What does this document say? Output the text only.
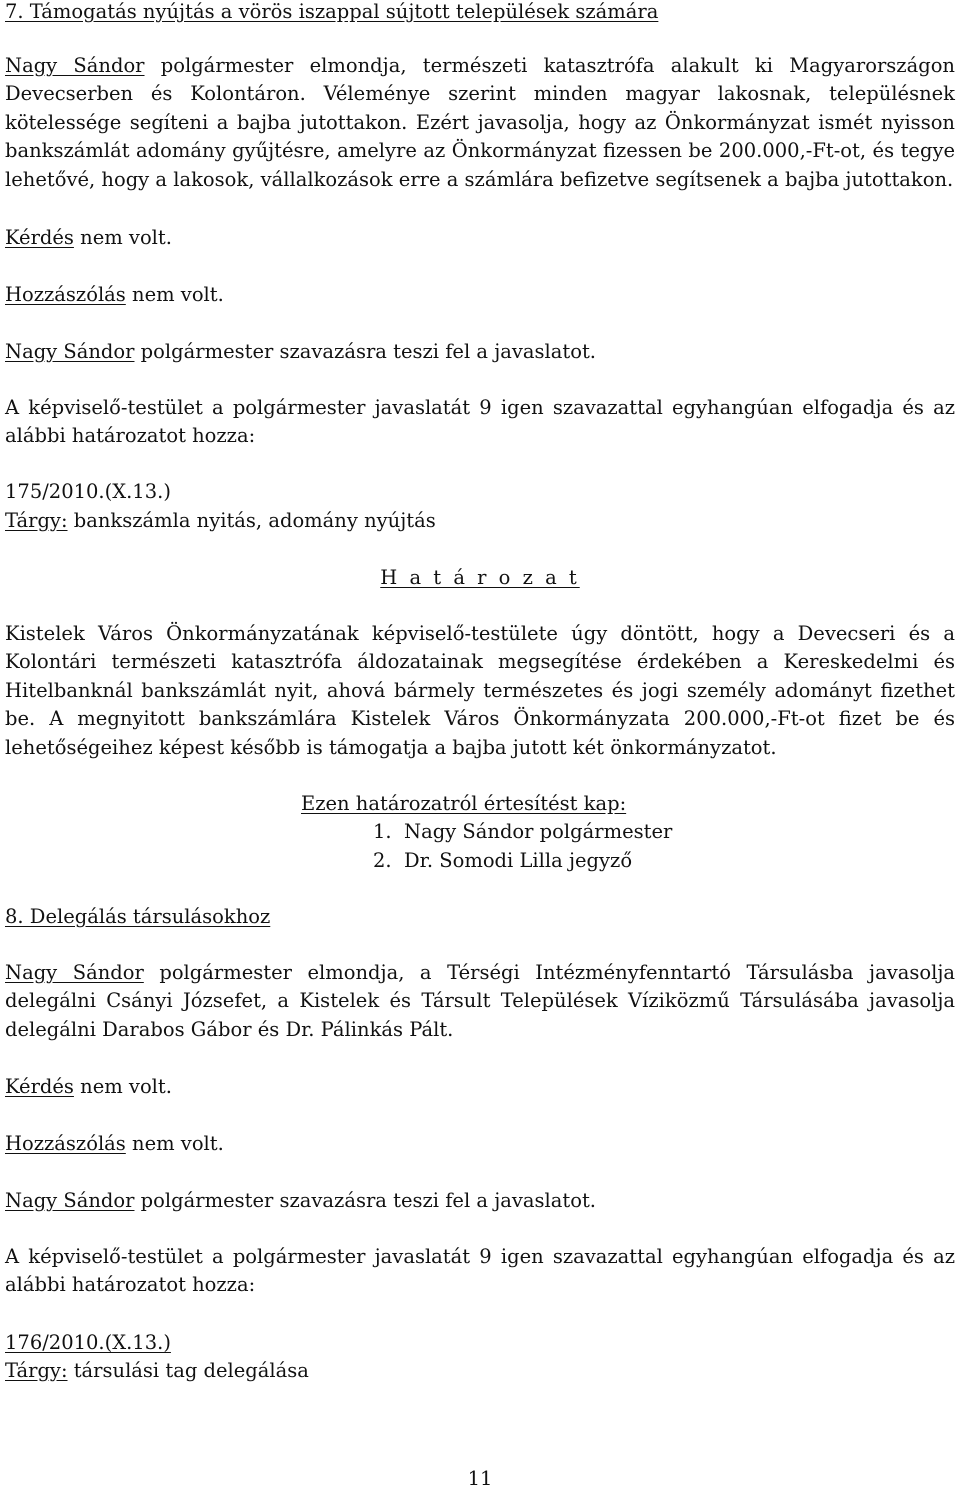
7. Támogatás nyújtás a vörös iszappal sújtott települések számára
Nagy Sándor polgármester elmondja, természeti katasztrófa alakult ki Magyarországon Devecserben és Kolontáron. Véleménye szerint minden magyar lakosnak, településnek kötelessége segíteni a bajba jutottakon. Ezért javasolja, hogy az Önkormányzat ismét nyisson bankszámlát adomány gyűjtésre, amelyre az Önkormányzat fizessen be 200.000,-Ft-ot, és tegye lehetővé, hogy a lakosok, vállalkozások erre a számlára befizetve segítsenek a bajba jutottakon.
Kérdés nem volt.
Hozzászólás nem volt.
Nagy Sándor polgármester szavazásra teszi fel a javaslatot.
A képviselő-testület a polgármester javaslatát 9 igen szavazattal egyhangúan elfogadja és az alábbi határozatot hozza:
175/2010.(X.13.)
Tárgy: bankszámla nyitás, adomány nyújtás
H a t á r o z a t
Kistelek Város Önkormányzatának képviselő-testülete úgy döntött, hogy a Devecseri és a Kolontári természeti katasztrófa áldozatainak megsegítése érdekében a Kereskedelmi és Hitelbanknál bankszámlát nyit, ahová bármely természetes és jogi személy adományt fizethet be. A megnyitott bankszámlára Kistelek Város Önkormányzata 200.000,-Ft-ot fizet be és lehetőségeihez képest később is támogatja a bajba jutott két önkormányzatot.
Ezen határozatról értesítést kap:
1. Nagy Sándor polgármester
2. Dr. Somodi Lilla jegyző
8. Delegálás társulásokhoz
Nagy Sándor polgármester elmondja, a Térségi Intézményfenntartó Társulásba javasolja delegálni Csányi Józsefet, a Kistelek és Társult Települések Víziközmű Társulásába javasolja delegálni Darabos Gábor és Dr. Pálinkás Pált.
Kérdés nem volt.
Hozzászólás nem volt.
Nagy Sándor polgármester szavazásra teszi fel a javaslatot.
A képviselő-testület a polgármester javaslatát 9 igen szavazattal egyhangúan elfogadja és az alábbi határozatot hozza:
176/2010.(X.13.)
Tárgy: társulási tag delegálása
11
